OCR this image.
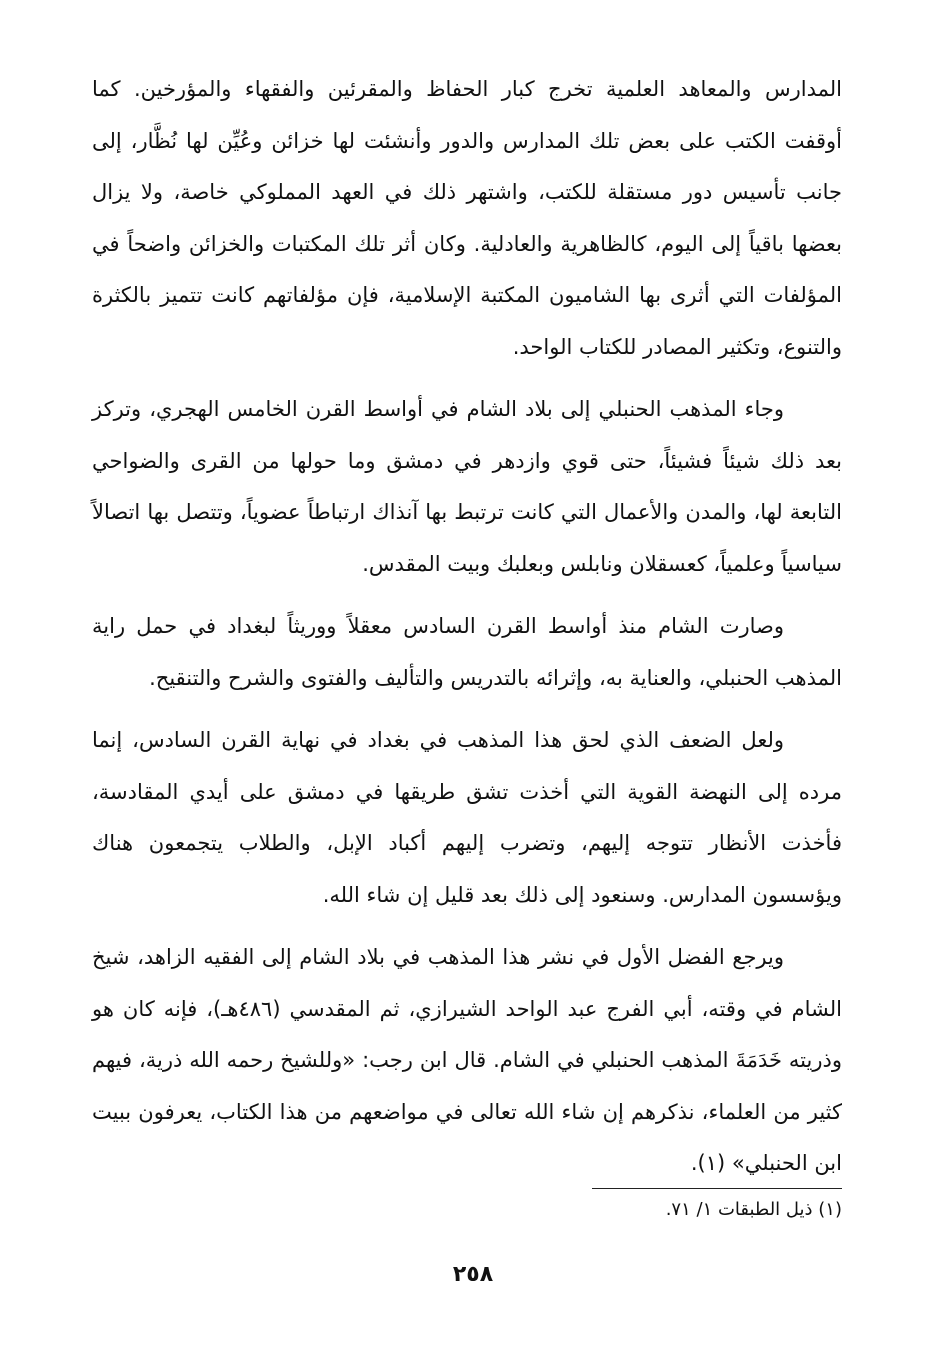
المدارس والمعاهد العلمية تخرج كبار الحفاظ والمقرئين والفقهاء والمؤرخين. كما أوقفت الكتب على بعض تلك المدارس والدور وأنشئت لها خزائن وعُيِّن لها نُظَّار، إلى جانب تأسيس دور مستقلة للكتب، واشتهر ذلك في العهد المملوكي خاصة، ولا يزال بعضها باقياً إلى اليوم، كالظاهرية والعادلية. وكان أثر تلك المكتبات والخزائن واضحاً في المؤلفات التي أثرى بها الشاميون المكتبة الإسلامية، فإن مؤلفاتهم كانت تتميز بالكثرة والتنوع، وتكثير المصادر للكتاب الواحد.

وجاء المذهب الحنبلي إلى بلاد الشام في أواسط القرن الخامس الهجري، وتركز بعد ذلك شيئاً فشيئاً، حتى قوي وازدهر في دمشق وما حولها من القرى والضواحي التابعة لها، والمدن والأعمال التي كانت ترتبط بها آنذاك ارتباطاً عضوياً، وتتصل بها اتصالاً سياسياً وعلمياً، كعسقلان ونابلس وبعلبك وبيت المقدس.

وصارت الشام منذ أواسط القرن السادس معقلاً ووريثاً لبغداد في حمل راية المذهب الحنبلي، والعناية به، وإثرائه بالتدريس والتأليف والفتوى والشرح والتنقيح.

ولعل الضعف الذي لحق هذا المذهب في بغداد في نهاية القرن السادس، إنما مرده إلى النهضة القوية التي أخذت تشق طريقها في دمشق على أيدي المقادسة، فأخذت الأنظار تتوجه إليهم، وتضرب إليهم أكباد الإبل، والطلاب يتجمعون هناك ويؤسسون المدارس. وسنعود إلى ذلك بعد قليل إن شاء الله.

ويرجع الفضل الأول في نشر هذا المذهب في بلاد الشام إلى الفقيه الزاهد، شيخ الشام في وقته، أبي الفرج عبد الواحد الشيرازي، ثم المقدسي (٤٨٦هـ)، فإنه كان هو وذريته خَدَمَةَ المذهب الحنبلي في الشام. قال ابن رجب: «وللشيخ رحمه الله ذرية، فيهم كثير من العلماء، نذكرهم إن شاء الله تعالى في مواضعهم من هذا الكتاب، يعرفون ببيت ابن الحنبلي» (١).

(١) ذيل الطبقات ١/ ٧١.
٢٥٨
